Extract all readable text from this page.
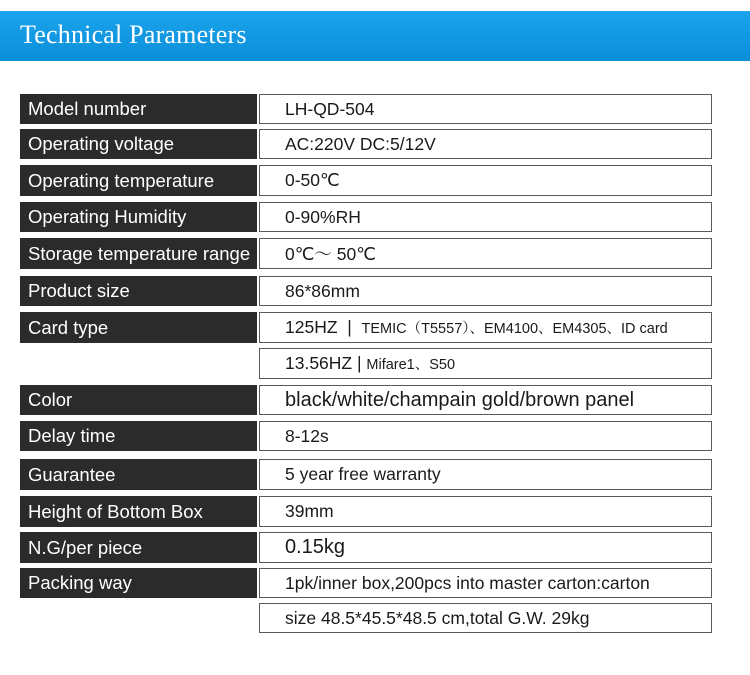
Technical Parameters
Model number	LH-QD-504
Operating voltage	AC:220V DC:5/12V
Operating temperature	0-50℃
Operating Humidity	0-90%RH
Storage temperature range	0℃～ 50℃
Product size	86*86mm
Card type	125HZ  | TEMIC（T5557）、EM4100、EM4305、ID card
13.56HZ | Mifare1、S50
Color	black/white/champain gold/brown panel
Delay time	8-12s
Guarantee	5 year free warranty
Height of Bottom Box	39mm
N.G/per piece	0.15kg
Packing way	1pk/inner box,200pcs into master carton:carton
size 48.5*45.5*48.5 cm,total G.W. 29kg
